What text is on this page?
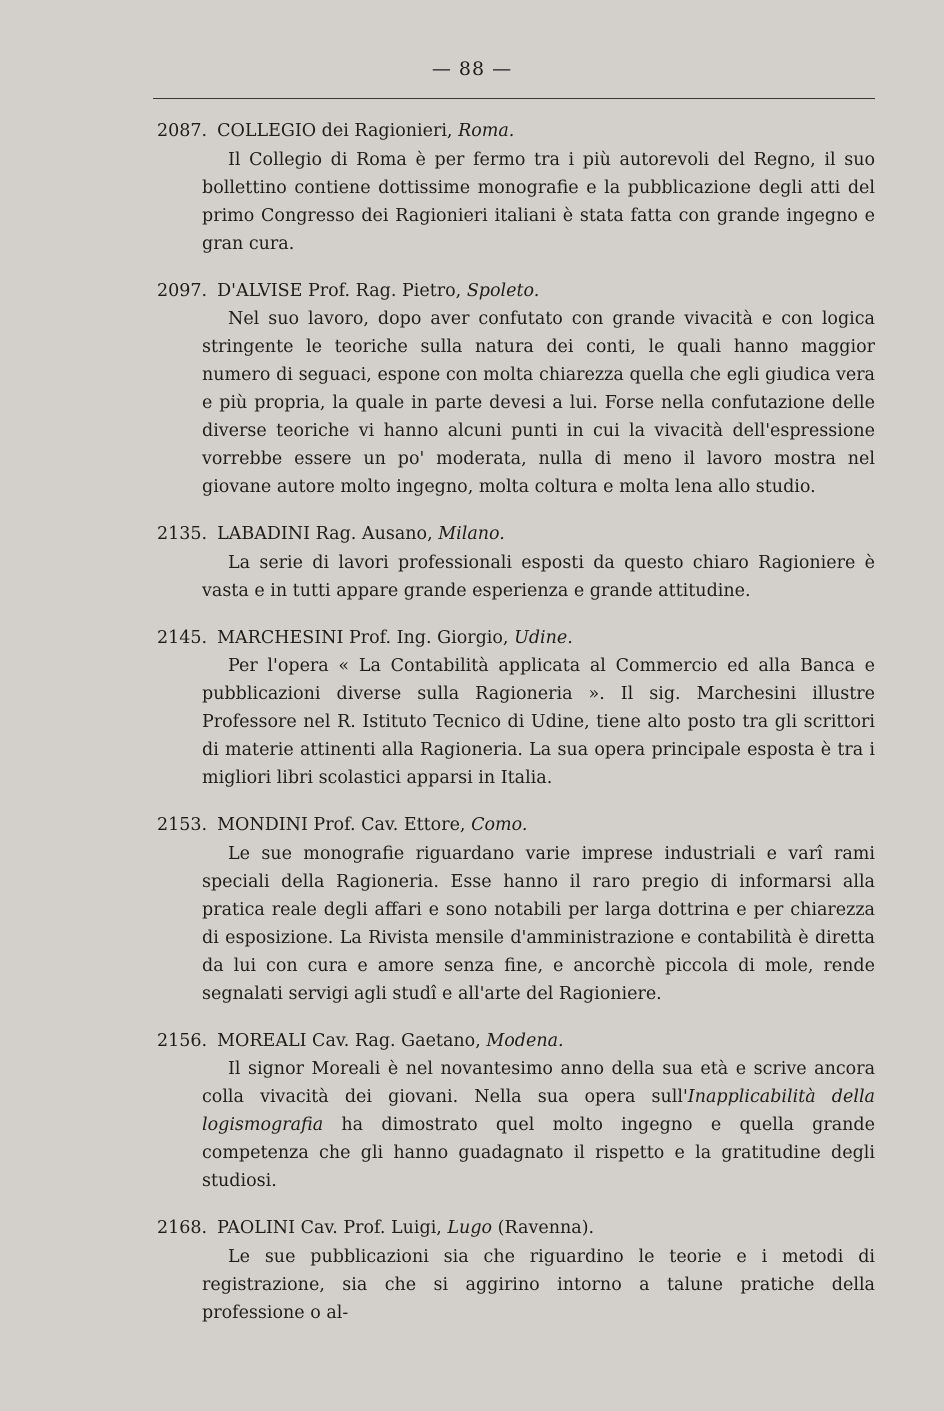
— 88 —
2087. COLLEGIO dei Ragionieri, Roma.
Il Collegio di Roma è per fermo tra i più autorevoli del Regno, il suo bollettino contiene dottissime monografie e la pubblicazione degli atti del primo Congresso dei Ragionieri italiani è stata fatta con grande ingegno e gran cura.
2097. D'ALVISE Prof. Rag. Pietro, Spoleto.
Nel suo lavoro, dopo aver confutato con grande vivacità e con logica stringente le teoriche sulla natura dei conti, le quali hanno maggior numero di seguaci, espone con molta chiarezza quella che egli giudica vera e più propria, la quale in parte devesi a lui. Forse nella confutazione delle diverse teoriche vi hanno alcuni punti in cui la vivacità dell'espressione vorrebbe essere un po' moderata, nulla di meno il lavoro mostra nel giovane autore molto ingegno, molta coltura e molta lena allo studio.
2135. LABADINI Rag. Ausano, Milano.
La serie di lavori professionali esposti da questo chiaro Ragioniere è vasta e in tutti appare grande esperienza e grande attitudine.
2145. MARCHESINI Prof. Ing. Giorgio, Udine.
Per l'opera « La Contabilità applicata al Commercio ed alla Banca e pubblicazioni diverse sulla Ragioneria ». Il sig. Marchesini illustre Professore nel R. Istituto Tecnico di Udine, tiene alto posto tra gli scrittori di materie attinenti alla Ragioneria. La sua opera principale esposta è tra i migliori libri scolastici apparsi in Italia.
2153. MONDINI Prof. Cav. Ettore, Como.
Le sue monografie riguardano varie imprese industriali e varî rami speciali della Ragioneria. Esse hanno il raro pregio di informarsi alla pratica reale degli affari e sono notabili per larga dottrina e per chiarezza di esposizione. La Rivista mensile d'amministrazione e contabilità è diretta da lui con cura e amore senza fine, e ancorchè piccola di mole, rende segnalati servigi agli studî e all'arte del Ragioniere.
2156. MOREALI Cav. Rag. Gaetano, Modena.
Il signor Moreali è nel novantesimo anno della sua età e scrive ancora colla vivacità dei giovani. Nella sua opera sull'Inapplicabilità della logismografia ha dimostrato quel molto ingegno e quella grande competenza che gli hanno guadagnato il rispetto e la gratitudine degli studiosi.
2168. PAOLINI Cav. Prof. Luigi, Lugo (Ravenna).
Le sue pubblicazioni sia che riguardino le teorie e i metodi di registrazione, sia che si aggirino intorno a talune pratiche della professione o al-
